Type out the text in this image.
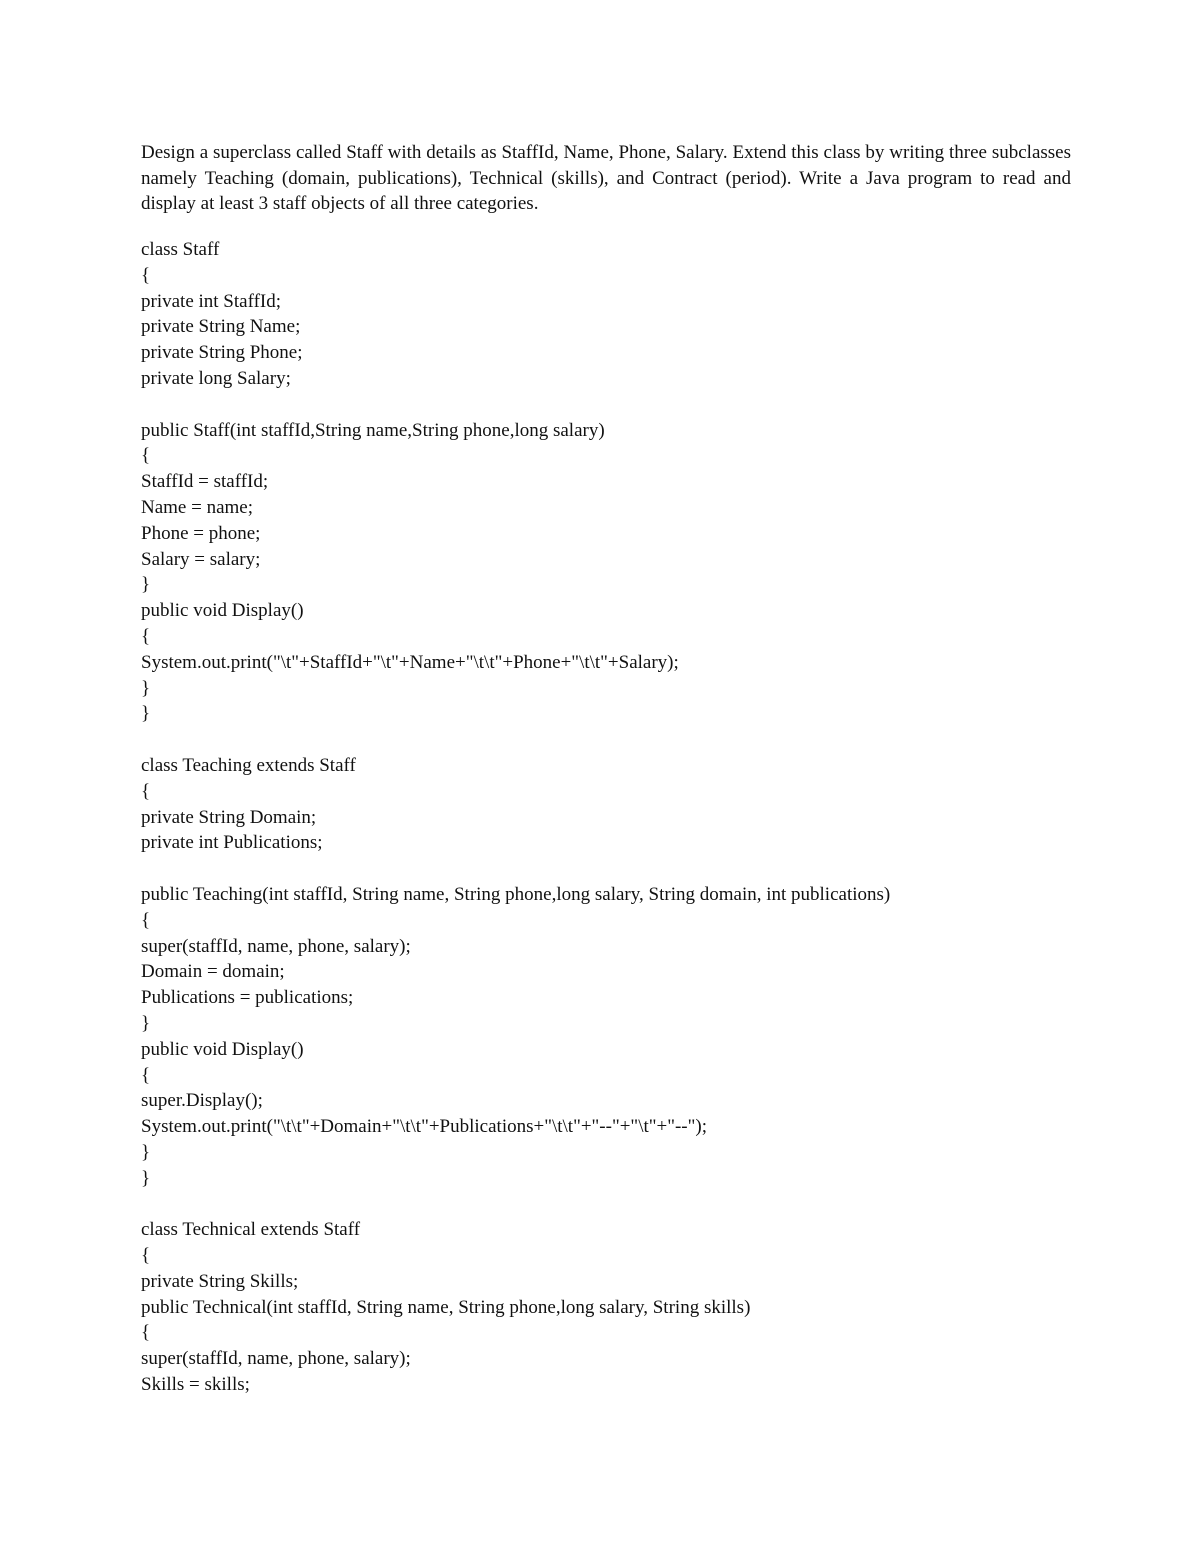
Design a superclass called Staff with details as StaffId, Name, Phone, Salary. Extend this class by writing three subclasses namely Teaching (domain, publications), Technical (skills), and Contract (period). Write a Java program to read and display at least 3 staff objects of all three categories.

class Staff
{
private int StaffId;
private String Name;
private String Phone;
private long Salary;
public Staff(int staffId,String name,String phone,long salary)
{
StaffId = staffId;
Name = name;
Phone = phone;
Salary = salary;
}
public void Display()
{
System.out.print("\t"+StaffId+"\t"+Name+"\t\t"+Phone+"\t\t"+Salary);
}
}
class Teaching extends Staff
{
private String Domain;
private int Publications;
public Teaching(int staffId, String name, String phone,long salary, String domain, int publications)
{
super(staffId, name, phone, salary);
Domain = domain;
Publications = publications;
}
public void Display()
{
super.Display();
System.out.print("\t\t"+Domain+"\t\t"+Publications+"\t\t"+"--"+"\t"+"--");
}
}
class Technical extends Staff
{
private String Skills;
public Technical(int staffId, String name, String phone,long salary, String skills)
{
super(staffId, name, phone, salary);
Skills = skills;
